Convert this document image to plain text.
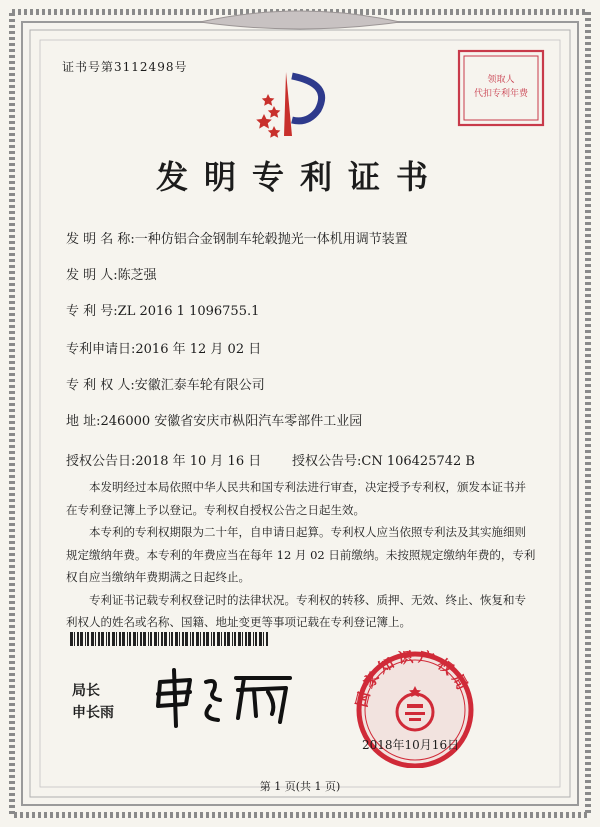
证书号第3112498号
领取人
代扣专利年费
发明专利证书
发 明 名 称:一种仿铝合金钢制车轮毂抛光一体机用调节装置
发 明 人:陈芝强
专 利 号:ZL 2016 1 1096755.1
专利申请日:2016 年 12 月 02 日
专 利 权 人:安徽汇泰车轮有限公司
地 址:246000 安徽省安庆市枞阳汽车零部件工业园
授权公告日:2018 年 10 月 16 日 授权公告号:CN 106425742 B

本发明经过本局依照中华人民共和国专利法进行审查，决定授予专利权，颁发本证书并在专利登记簿上予以登记。专利权自授权公告之日起生效。

本专利的专利权期限为二十年，自申请日起算。专利权人应当依照专利法及其实施细则规定缴纳年费。本专利的年费应当在每年 12 月 02 日前缴纳。未按照规定缴纳年费的，专利权自应当缴纳年费期满之日起终止。

专利证书记载专利权登记时的法律状况。专利权的转移、质押、无效、终止、恢复和专利权人的姓名或名称、国籍、地址变更等事项记载在专利登记簿上。

局长
申长雨
国家知识产权局
2018年10月16日
第 1 页(共 1 页)
